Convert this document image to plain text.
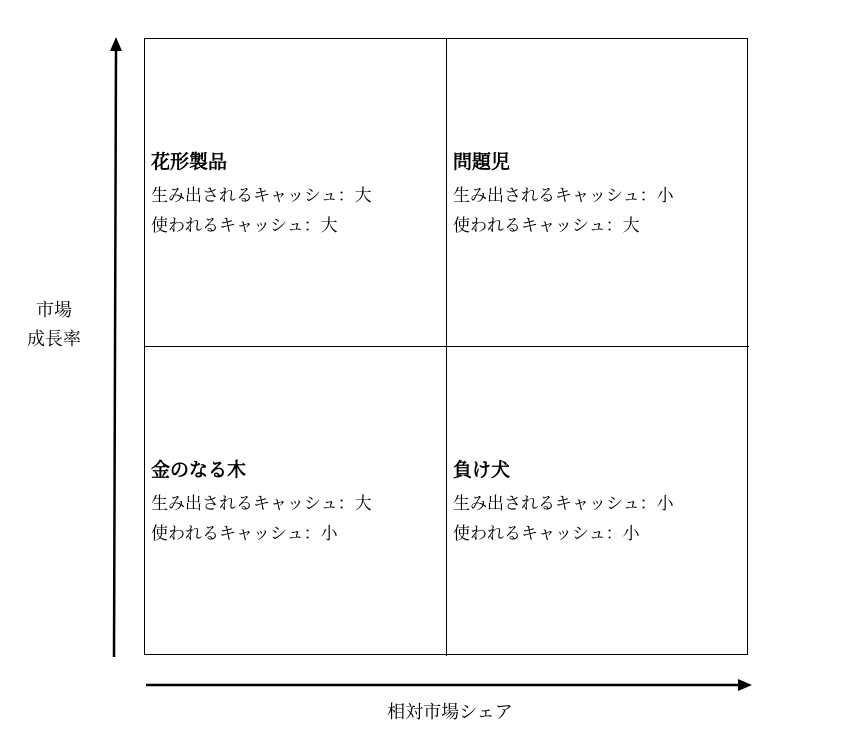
市場
成長率
花形製品
生み出されるキャッシュ：大
使われるキャッシュ：大
問題児
生み出されるキャッシュ：小
使われるキャッシュ：大
金のなる木
生み出されるキャッシュ：大
使われるキャッシュ：小
負け犬
生み出されるキャッシュ：小
使われるキャッシュ：小
相対市場シェア
